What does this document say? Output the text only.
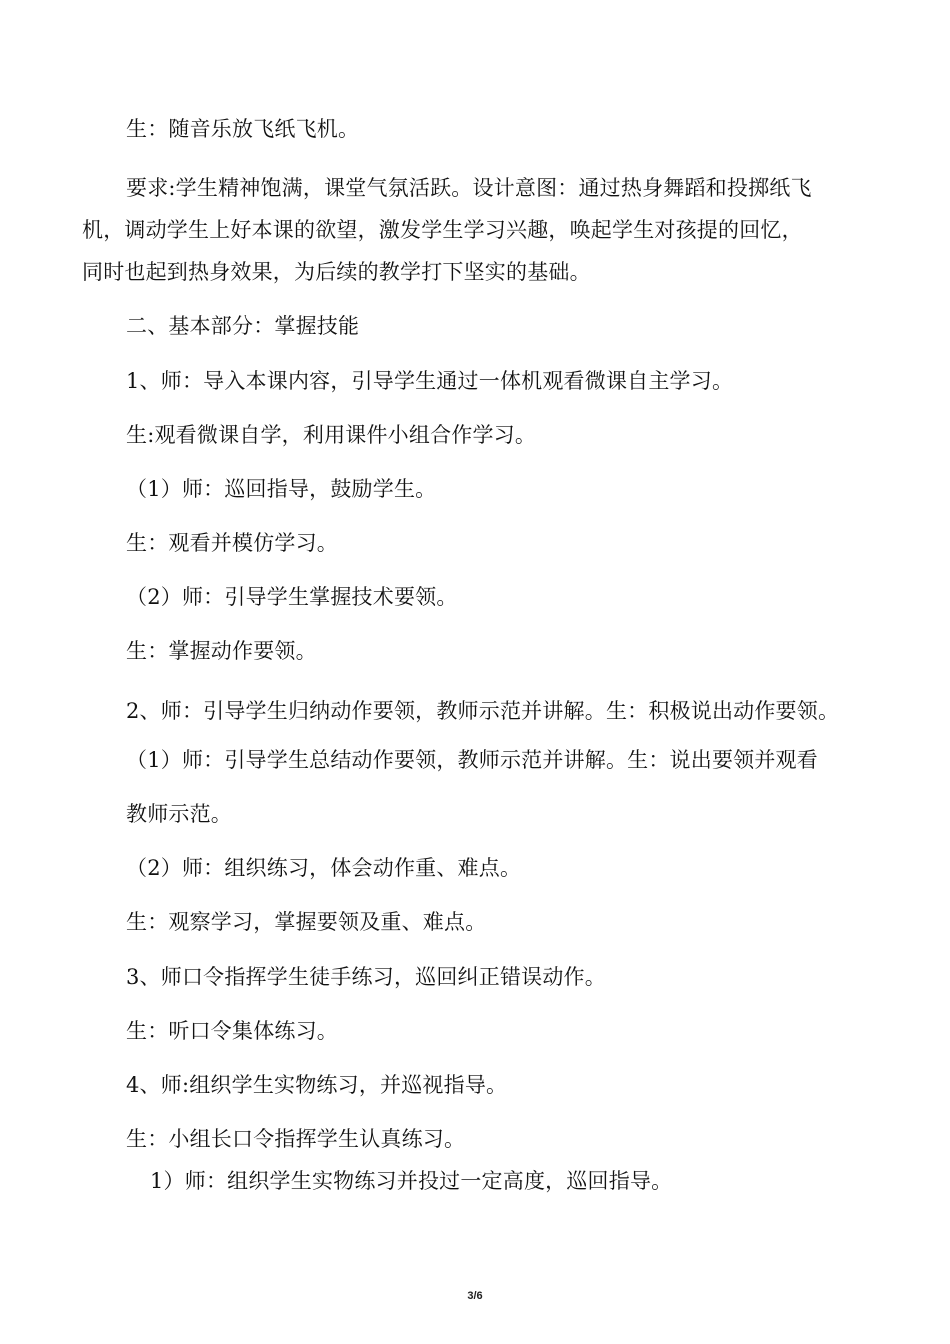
生：随音乐放飞纸飞机。
要求:学生精神饱满，课堂气氛活跃。设计意图：通过热身舞蹈和投掷纸飞
机，调动学生上好本课的欲望，激发学生学习兴趣，唤起学生对孩提的回忆，
同时也起到热身效果，为后续的教学打下坚实的基础。
二、基本部分：掌握技能
1、师：导入本课内容，引导学生通过一体机观看微课自主学习。
生:观看微课自学，利用课件小组合作学习。
（1）师：巡回指导，鼓励学生。
生：观看并模仿学习。
（2）师：引导学生掌握技术要领。
生：掌握动作要领。
2、师：引导学生归纳动作要领，教师示范并讲解。生：积极说出动作要领。
（1）师：引导学生总结动作要领，教师示范并讲解。生：说出要领并观看
教师示范。
（2）师：组织练习，体会动作重、难点。
生：观察学习，掌握要领及重、难点。
3、师口令指挥学生徒手练习，巡回纠正错误动作。
生：听口令集体练习。
4、师:组织学生实物练习，并巡视指导。
生：小组长口令指挥学生认真练习。
1）师：组织学生实物练习并投过一定高度，巡回指导。
3/6
